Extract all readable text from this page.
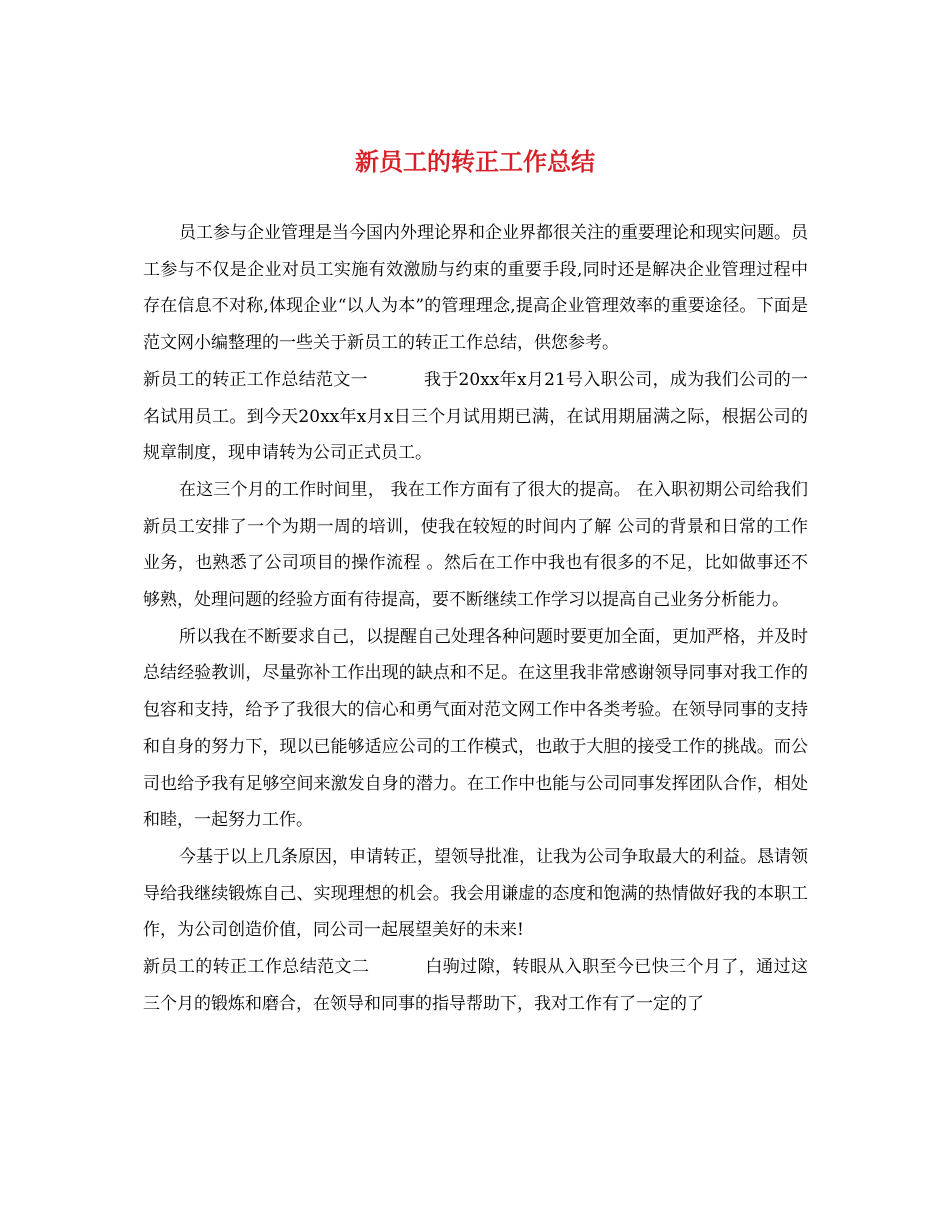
新员工的转正工作总结

员工参与企业管理是当今国内外理论界和企业界都很关注的重要理论和现实问题。员工参与不仅是企业对员工实施有效激励与约束的重要手段,同时还是解决企业管理过程中存在信息不对称,体现企业“以人为本”的管理理念,提高企业管理效率的重要途径。下面是范文网小编整理的一些关于新员工的转正工作总结，供您参考。

新员工的转正工作总结范文一	我于20xx年x月21号入职公司，成为我们公司的一名试用员工。到今天20xx年x月x日三个月试用期已满，在试用期届满之际，根据公司的规章制度，现申请转为公司正式员工。

在这三个月的工作时间里， 我在工作方面有了很大的提高。 在入职初期公司给我们新员工安排了一个为期一周的培训，使我在较短的时间内了解 公司的背景和日常的工作业务，也熟悉了公司项目的操作流程 。然后在工作中我也有很多的不足，比如做事还不够熟，处理问题的经验方面有待提高，要不断继续工作学习以提高自己业务分析能力。

所以我在不断要求自己，以提醒自己处理各种问题时要更加全面，更加严格，并及时总结经验教训，尽量弥补工作出现的缺点和不足。在这里我非常感谢领导同事对我工作的包容和支持，给予了我很大的信心和勇气面对范文网工作中各类考验。在领导同事的支持和自身的努力下，现以已能够适应公司的工作模式，也敢于大胆的接受工作的挑战。而公司也给予我有足够空间来激发自身的潜力。在工作中也能与公司同事发挥团队合作，相处和睦，一起努力工作。

今基于以上几条原因，申请转正，望领导批准，让我为公司争取最大的利益。恳请领导给我继续锻炼自己、实现理想的机会。我会用谦虚的态度和饱满的热情做好我的本职工作，为公司创造价值，同公司一起展望美好的未来!

新员工的转正工作总结范文二	白驹过隙，转眼从入职至今已快三个月了，通过这三个月的锻炼和磨合，在领导和同事的指导帮助下，我对工作有了一定的了
